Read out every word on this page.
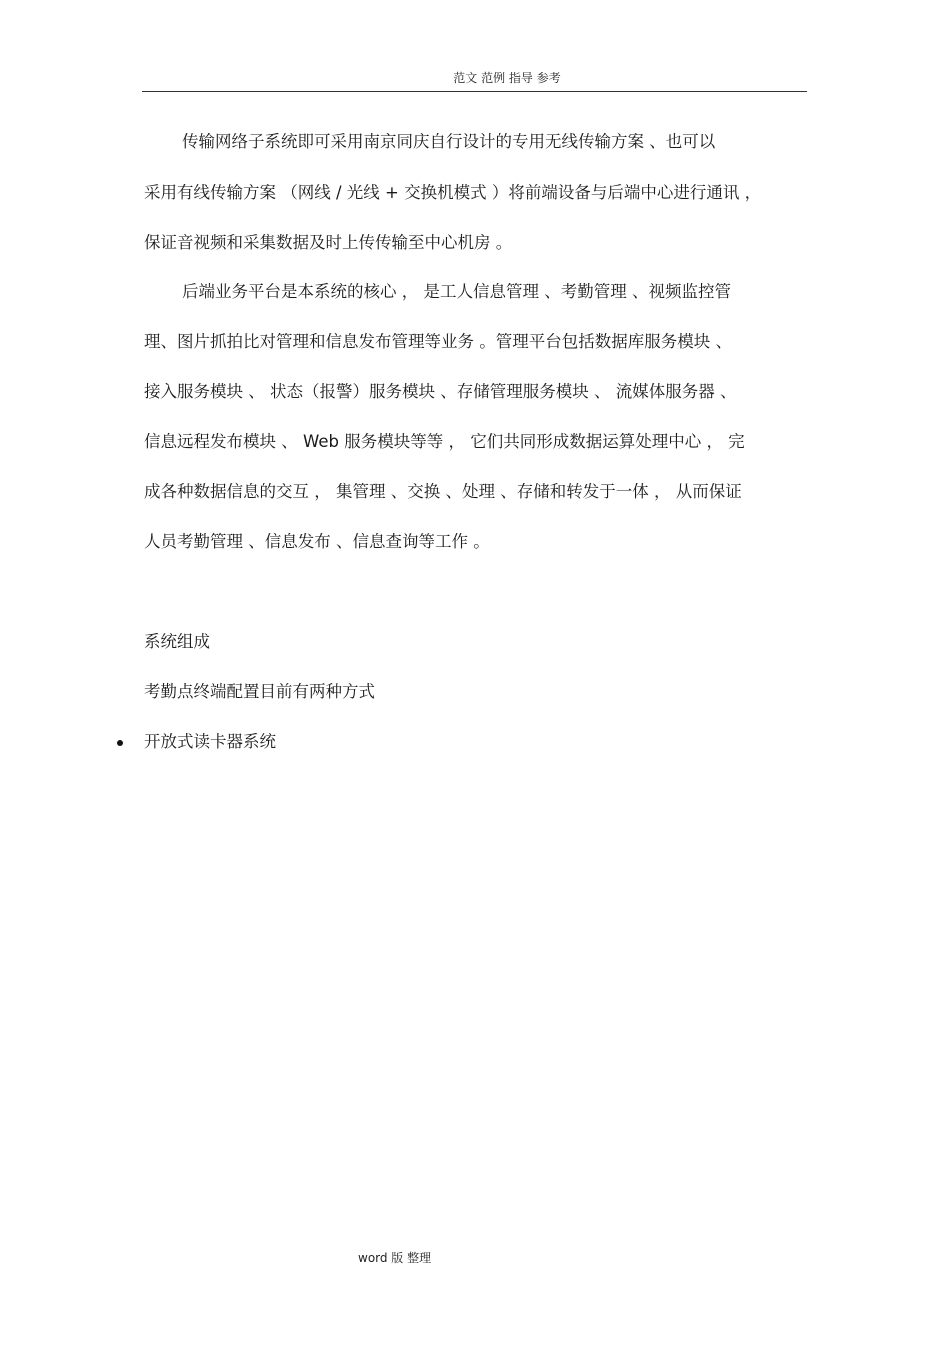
范文 范例 指导 参考
传输网络子系统即可采用南京同庆自行设计的专用无线传输方案 、也可以
采用有线传输方案 （网线 / 光线 + 交换机模式 ）将前端设备与后端中心进行通讯 ，
保证音视频和采集数据及时上传传输至中心机房 。
后端业务平台是本系统的核心 ， 是工人信息管理 、考勤管理 、视频监控管
理、图片抓拍比对管理和信息发布管理等业务 。管理平台包括数据库服务模块 、
接入服务模块 、 状态（报警）服务模块 、存储管理服务模块 、 流媒体服务器 、
信息远程发布模块 、 Web 服务模块等等 ， 它们共同形成数据运算处理中心 ， 完
成各种数据信息的交互 ， 集管理 、交换 、处理 、存储和转发于一体 ， 从而保证
人员考勤管理 、信息发布 、信息查询等工作 。
系统组成
考勤点终端配置目前有两种方式
开放式读卡器系统
word 版 整理
